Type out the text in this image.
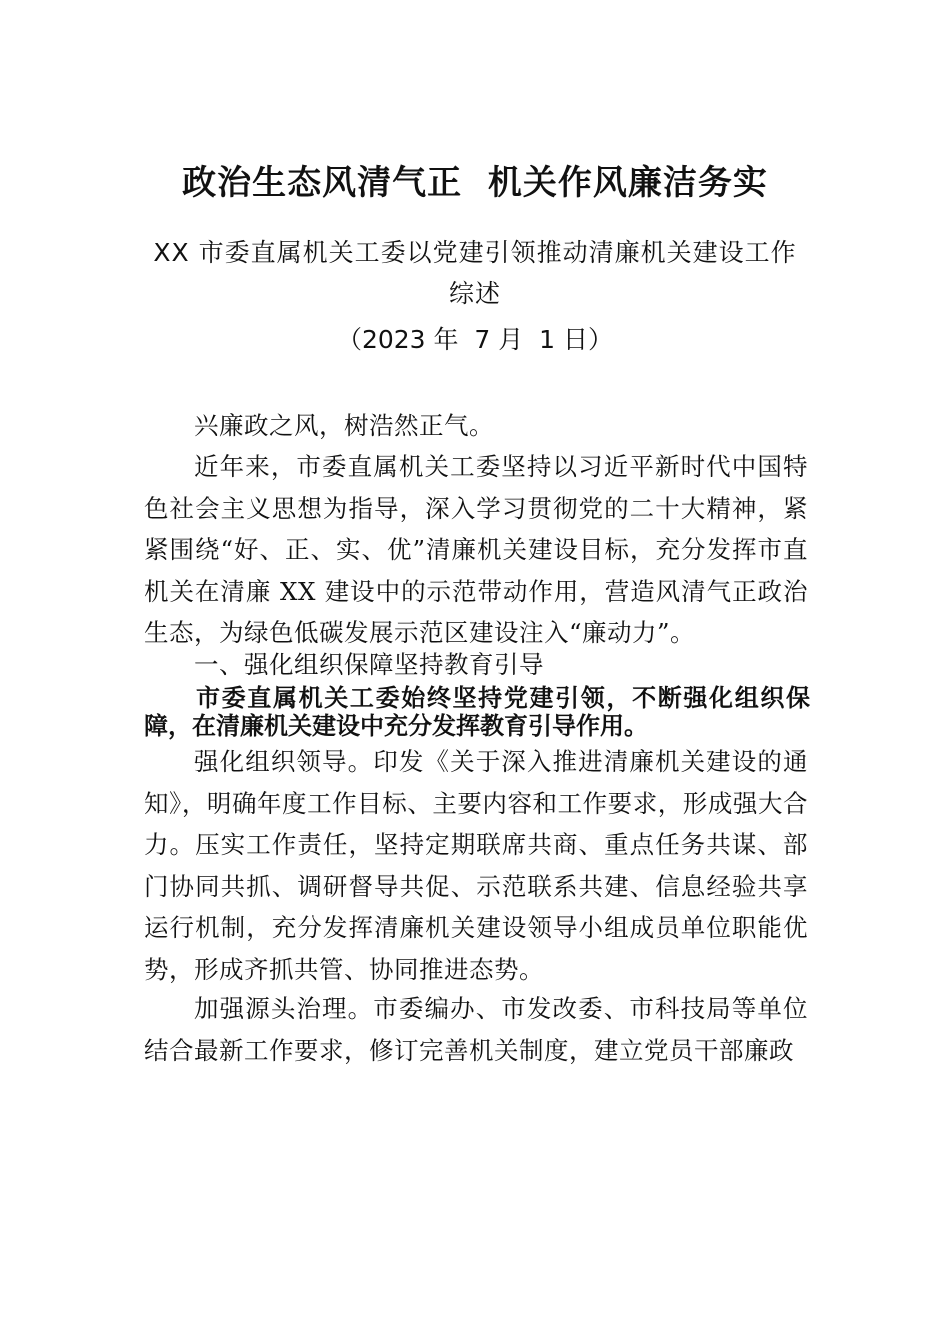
政治生态风清气正  机关作风廉洁务实
XX 市委直属机关工委以党建引领推动清廉机关建设工作综述
（2023 年  7 月  1 日）
兴廉政之风，树浩然正气。
近年来，市委直属机关工委坚持以习近平新时代中国特色社会主义思想为指导，深入学习贯彻党的二十大精神，紧紧围绕“好、正、实、优”清廉机关建设目标，充分发挥市直机关在清廉 XX 建设中的示范带动作用，营造风清气正政治生态，为绿色低碳发展示范区建设注入“廉动力”。
一、强化组织保障坚持教育引导
市委直属机关工委始终坚持党建引领，不断强化组织保障，在清廉机关建设中充分发挥教育引导作用。
强化组织领导。印发《关于深入推进清廉机关建设的通知》，明确年度工作目标、主要内容和工作要求，形成强大合力。压实工作责任，坚持定期联席共商、重点任务共谋、部门协同共抓、调研督导共促、示范联系共建、信息经验共享运行机制，充分发挥清廉机关建设领导小组成员单位职能优势，形成齐抓共管、协同推进态势。
加强源头治理。市委编办、市发改委、市科技局等单位结合最新工作要求，修订完善机关制度，建立党员干部廉政
